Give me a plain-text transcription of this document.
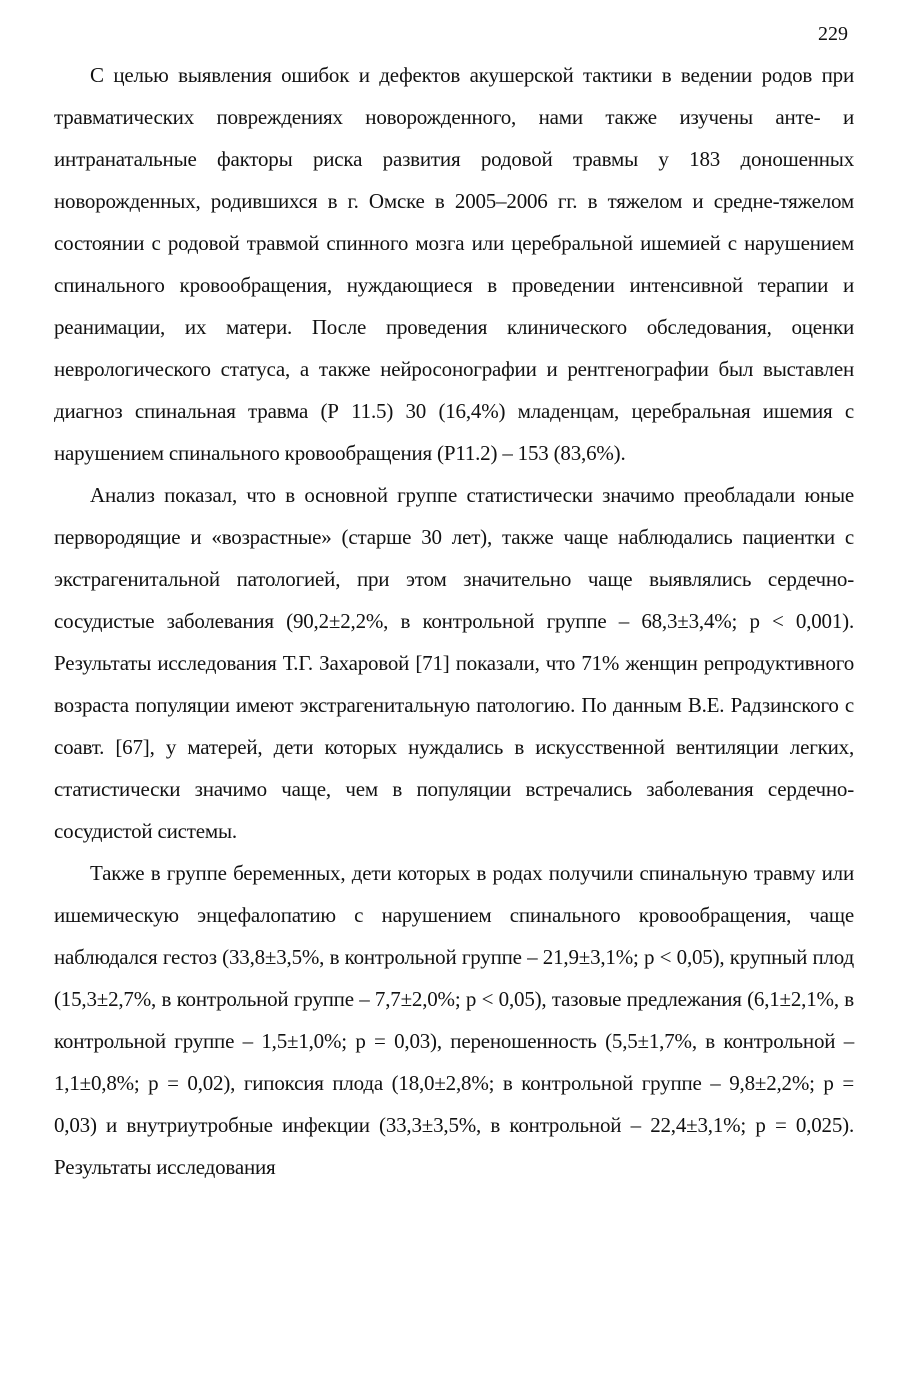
229

С целью выявления ошибок и дефектов акушерской тактики в ведении родов при травматических повреждениях новорожденного, нами также изучены анте- и интранатальные факторы риска развития родовой травмы у 183 доношенных новорожденных, родившихся в г. Омске в 2005–2006 гг. в тяжелом и средне-тяжелом состоянии с родовой травмой спинного мозга или церебральной ишемией с нарушением спинального кровообращения, нуждающиеся в проведении интенсивной терапии и реанимации, их матери. После проведения клинического обследования, оценки неврологического статуса, а также нейросонографии и рентгенографии был выставлен диагноз спинальная травма (Р 11.5) 30 (16,4%) младенцам, церебральная ишемия с нарушением спинального кровообращения (Р11.2) – 153 (83,6%).

Анализ показал, что в основной группе статистически значимо преобладали юные первородящие и «возрастные» (старше 30 лет), также чаще наблюдались пациентки с экстрагенитальной патологией, при этом значительно чаще выявлялись сердечно-сосудистые заболевания (90,2±2,2%, в контрольной группе – 68,3±3,4%; р < 0,001). Результаты исследования Т.Г. Захаровой [71] показали, что 71% женщин репродуктивного возраста популяции имеют экстрагенитальную патологию. По данным В.Е. Радзинского с соавт. [67], у матерей, дети которых нуждались в искусственной вентиляции легких, статистически значимо чаще, чем в популяции встречались заболевания сердечно-сосудистой системы.

Также в группе беременных, дети которых в родах получили спинальную травму или ишемическую энцефалопатию с нарушением спинального кровообращения, чаще наблюдался гестоз (33,8±3,5%, в контрольной группе – 21,9±3,1%; р < 0,05), крупный плод (15,3±2,7%, в контрольной группе – 7,7±2,0%; р < 0,05), тазовые предлежания (6,1±2,1%, в контрольной группе – 1,5±1,0%; р = 0,03), переношенность (5,5±1,7%, в контрольной – 1,1±0,8%; р = 0,02), гипоксия плода (18,0±2,8%; в контрольной группе – 9,8±2,2%; р = 0,03) и внутриутробные инфекции (33,3±3,5%, в контрольной – 22,4±3,1%; р = 0,025). Результаты исследования
